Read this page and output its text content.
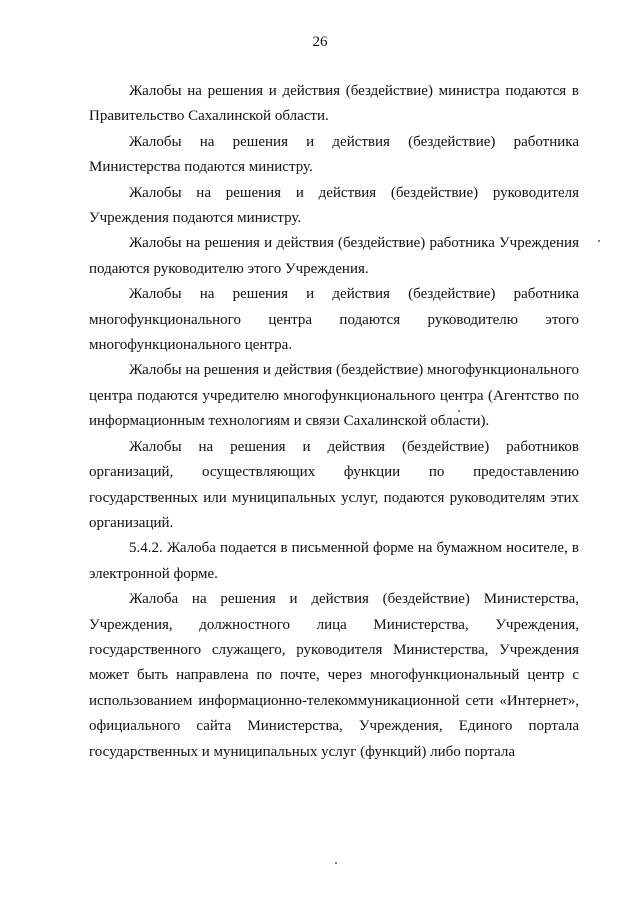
26

Жалобы на решения и действия (бездействие) министра подаются в Правительство Сахалинской области.

Жалобы на решения и действия (бездействие) работника Министерства подаются министру.

Жалобы на решения и действия (бездействие) руководителя Учреждения подаются министру.

Жалобы на решения и действия (бездействие) работника Учреждения подаются руководителю этого Учреждения.

Жалобы на решения и действия (бездействие) работника многофункционального центра подаются руководителю этого многофункционального центра.

Жалобы на решения и действия (бездействие) многофункционального центра подаются учредителю многофункционального центра (Агентство по информационным технологиям и связи Сахалинской области).

Жалобы на решения и действия (бездействие) работников организаций, осуществляющих функции по предоставлению государственных или муниципальных услуг, подаются руководителям этих организаций.

5.4.2. Жалоба подается в письменной форме на бумажном носителе, в электронной форме.

Жалоба на решения и действия (бездействие) Министерства, Учреждения, должностного лица Министерства, Учреждения, государственного служащего, руководителя Министерства, Учреждения может быть направлена по почте, через многофункциональный центр с использованием информационно-телекоммуникационной сети «Интернет», официального сайта Министерства, Учреждения, Единого портала государственных и муниципальных услуг (функций) либо портала
